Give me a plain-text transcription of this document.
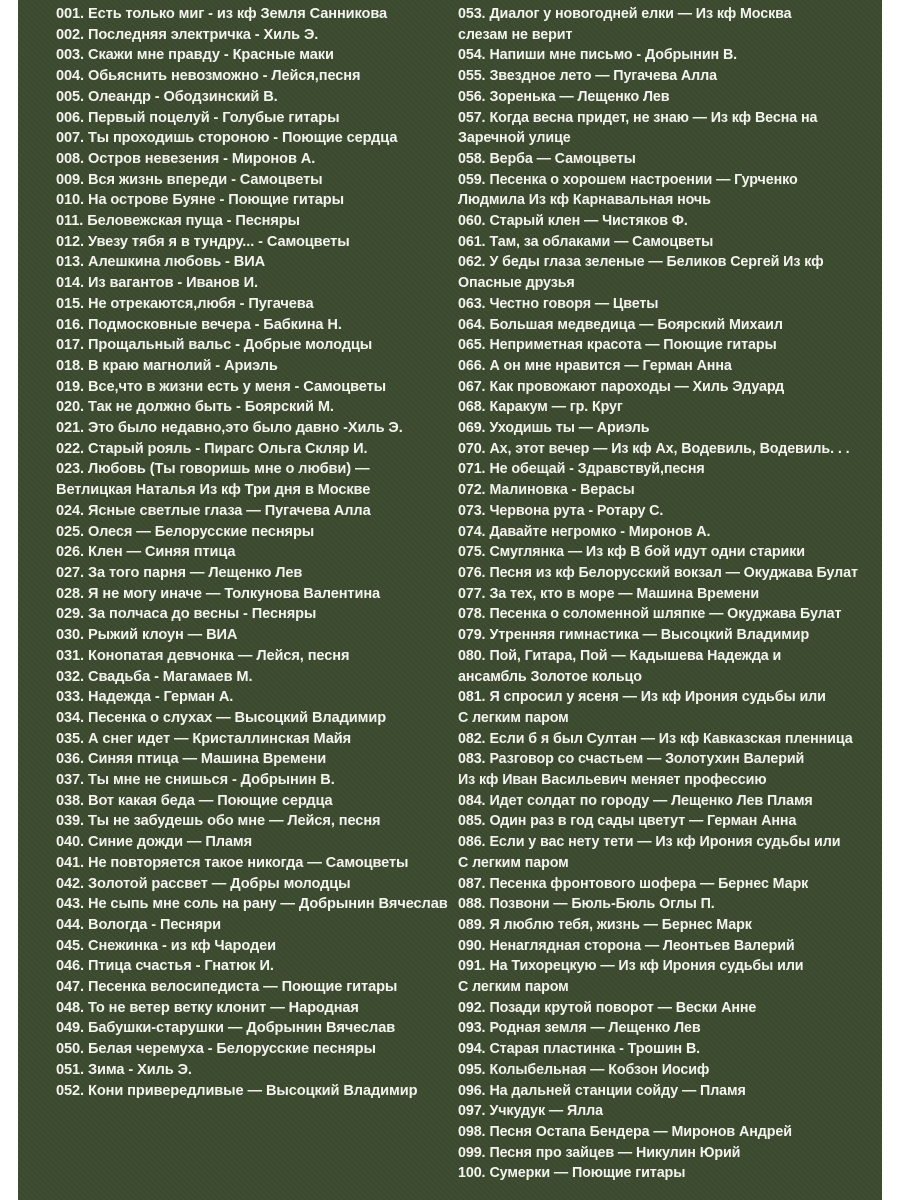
001. Есть только миг - из кф Земля Санникова
002. Последняя электричка - Хиль Э.
003. Скажи мне правду - Красные маки
004. Обьяснить невозможно - Лейся,песня
005. Олеандр - Ободзинский В.
006. Первый поцелуй - Голубые гитары
007. Ты проходишь стороною - Поющие сердца
008. Остров невезения - Миронов А.
009. Вся жизнь впереди - Самоцветы
010. На острове Буяне - Поющие гитары
011. Беловежская пуща - Песняры
012. Увезу тябя я в тундру... - Самоцветы
013. Алешкина любовь - ВИА
014. Из вагантов - Иванов И.
015. Не отрекаются,любя - Пугачева
016. Подмосковные вечера - Бабкина Н.
017. Прощальный вальс - Добрые молодцы
018. В краю магнолий - Ариэль
019. Все,что в жизни есть у меня - Самоцветы
020. Так не должно быть - Боярский М.
021. Это было недавно,это было давно -Хиль Э.
022. Старый рояль - Пирагс Ольга Скляр И.
023. Любовь (Ты говоришь мне о любви) —
Ветлицкая Наталья Из кф Три дня в Москве
024. Ясные светлые глаза — Пугачева Алла
025. Олеся — Белорусские песняры
026. Клен — Синяя птица
027. За того парня — Лещенко Лев
028. Я не могу иначе — Толкунова Валентина
029. За полчаса до весны - Песняры
030. Рыжий клоун — ВИА
031. Конопатая девчонка — Лейся, песня
032. Свадьба - Магамаев М.
033. Надежда - Герман А.
034. Песенка о слухах — Высоцкий Владимир
035. А снег идет — Кристаллинская Майя
036. Синяя птица — Машина Времени
037. Ты мне не снишься - Добрынин В.
038. Вот какая беда — Поющие сердца
039. Ты не забудешь обо мне — Лейся, песня
040. Синие дожди — Пламя
041. Не повторяется такое никогда — Самоцветы
042. Золотой рассвет — Добры молодцы
043. Не сыпь мне соль на рану — Добрынин Вячеслав
044. Вологда - Песняри
045. Снежинка - из кф Чародеи
046. Птица счастья - Гнатюк И.
047. Песенка велосипедиста — Поющие гитары
048. То не ветер ветку клонит — Народная
049. Бабушки-старушки — Добрынин Вячеслав
050. Белая черемуха - Белорусские песняры
051. Зима - Хиль Э.
052. Кони привередливые — Высоцкий Владимир
053. Диалог у новогодней елки — Из кф Москва
слезам не верит
054. Напиши мне письмо - Добрынин В.
055. Звездное лето — Пугачева Алла
056. Зоренька — Лещенко Лев
057. Когда весна придет, не знаю — Из кф Весна на
Заречной улице
058. Верба — Самоцветы
059. Песенка о хорошем настроении — Гурченко
Людмила Из кф Карнавальная ночь
060. Старый клен — Чистяков Ф.
061. Там, за облаками — Самоцветы
062. У беды глаза зеленые — Беликов Сергей Из кф
Опасные друзья
063. Честно говоря — Цветы
064. Большая медведица — Боярский Михаил
065. Неприметная красота — Поющие гитары
066. А он мне нравится — Герман Анна
067. Как провожают пароходы — Хиль Эдуард
068. Каракум — гр. Круг
069. Уходишь ты — Ариэль
070. Ах, этот вечер — Из кф Ах, Водевиль, Водевиль. . .
071. Не обещай - Здравствуй,песня
072. Малиновка - Верасы
073. Червона рута - Ротару С.
074. Давайте негромко - Миронов А.
075. Смуглянка — Из кф В бой идут одни старики
076. Песня из кф Белорусский вокзал — Окуджава Булат
077. За тех, кто в море — Машина Времени
078. Песенка о соломенной шляпке — Окуджава Булат
079. Утренняя гимнастика — Высоцкий Владимир
080. Пой, Гитара, Пой — Кадышева Надежда и
ансамбль Золотое кольцо
081. Я спросил у ясеня — Из кф Ирония судьбы или
С легким паром
082. Если б я был Султан — Из кф Кавказская пленница
083. Разговор со счастьем — Золотухин Валерий
Из кф Иван Васильевич меняет профессию
084. Идет солдат по городу — Лещенко Лев Пламя
085. Один раз в год сады цветут — Герман Анна
086. Если у вас нету тети — Из кф Ирония судьбы или
С легким паром
087. Песенка фронтового шофера — Бернес Марк
088. Позвони — Бюль-Бюль Оглы П.
089. Я люблю тебя, жизнь — Бернес Марк
090. Ненаглядная сторона — Леонтьев Валерий
091. На Тихорецкую — Из кф Ирония судьбы или
С легким паром
092. Позади крутой поворот — Вески Анне
093. Родная земля — Лещенко Лев
094. Старая пластинка - Трошин В.
095. Колыбельная — Кобзон Иосиф
096. На дальней станции сойду — Пламя
097. Учкудук — Ялла
098. Песня Остапа Бендера — Миронов Андрей
099. Песня про зайцев — Никулин Юрий
100. Сумерки — Поющие гитары
